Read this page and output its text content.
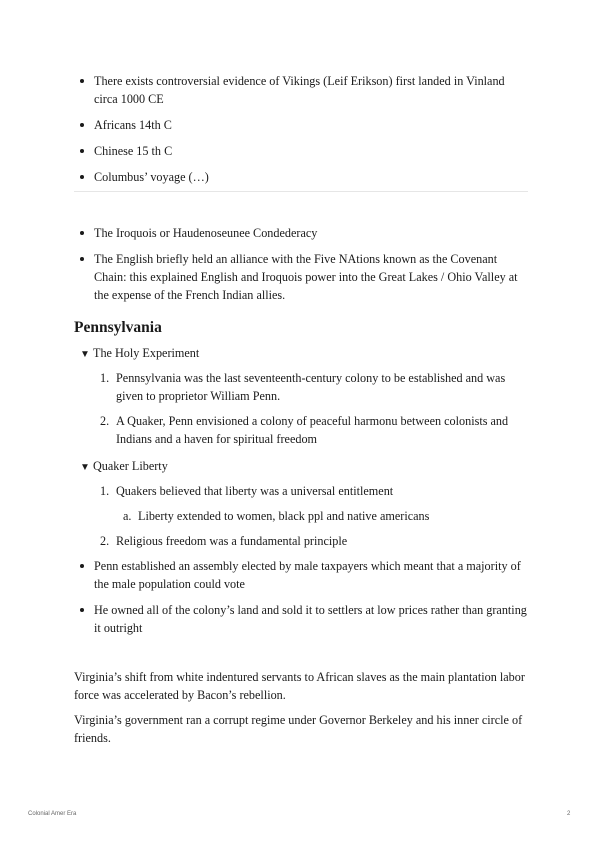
There exists controversial evidence of Vikings (Leif Erikson) first landed in Vinland circa 1000 CE
Africans 14th C
Chinese 15 th C
Columbus’ voyage (…)
The Iroquois or Haudenoseunee Condederacy
The English briefly held an alliance with the Five NAtions known as the Covenant Chain: this explained English and Iroquois power into the Great Lakes / Ohio Valley at the expense of the French Indian allies.
Pennsylvania
▼ The Holy Experiment
1. Pennsylvania was the last seventeenth-century colony to be established and was given to proprietor William Penn.
2. A Quaker, Penn envisioned a colony of peaceful harmonu between colonists and Indians and a haven for spiritual freedom
▼ Quaker Liberty
1. Quakers believed that liberty was a universal entitlement
a. Liberty extended to women, black ppl and native americans
2. Religious freedom was a fundamental principle
Penn established an assembly elected by male taxpayers which meant that a majority of the male population could vote
He owned all of the colony’s land and sold it to settlers at low prices rather than granting it outright

Virginia’s shift from white indentured servants to African slaves as the main plantation labor force was accelerated by Bacon’s rebellion.

Virginia’s government ran a corrupt regime under Governor Berkeley and his inner circle of friends.

Colonial Amer Era	2
